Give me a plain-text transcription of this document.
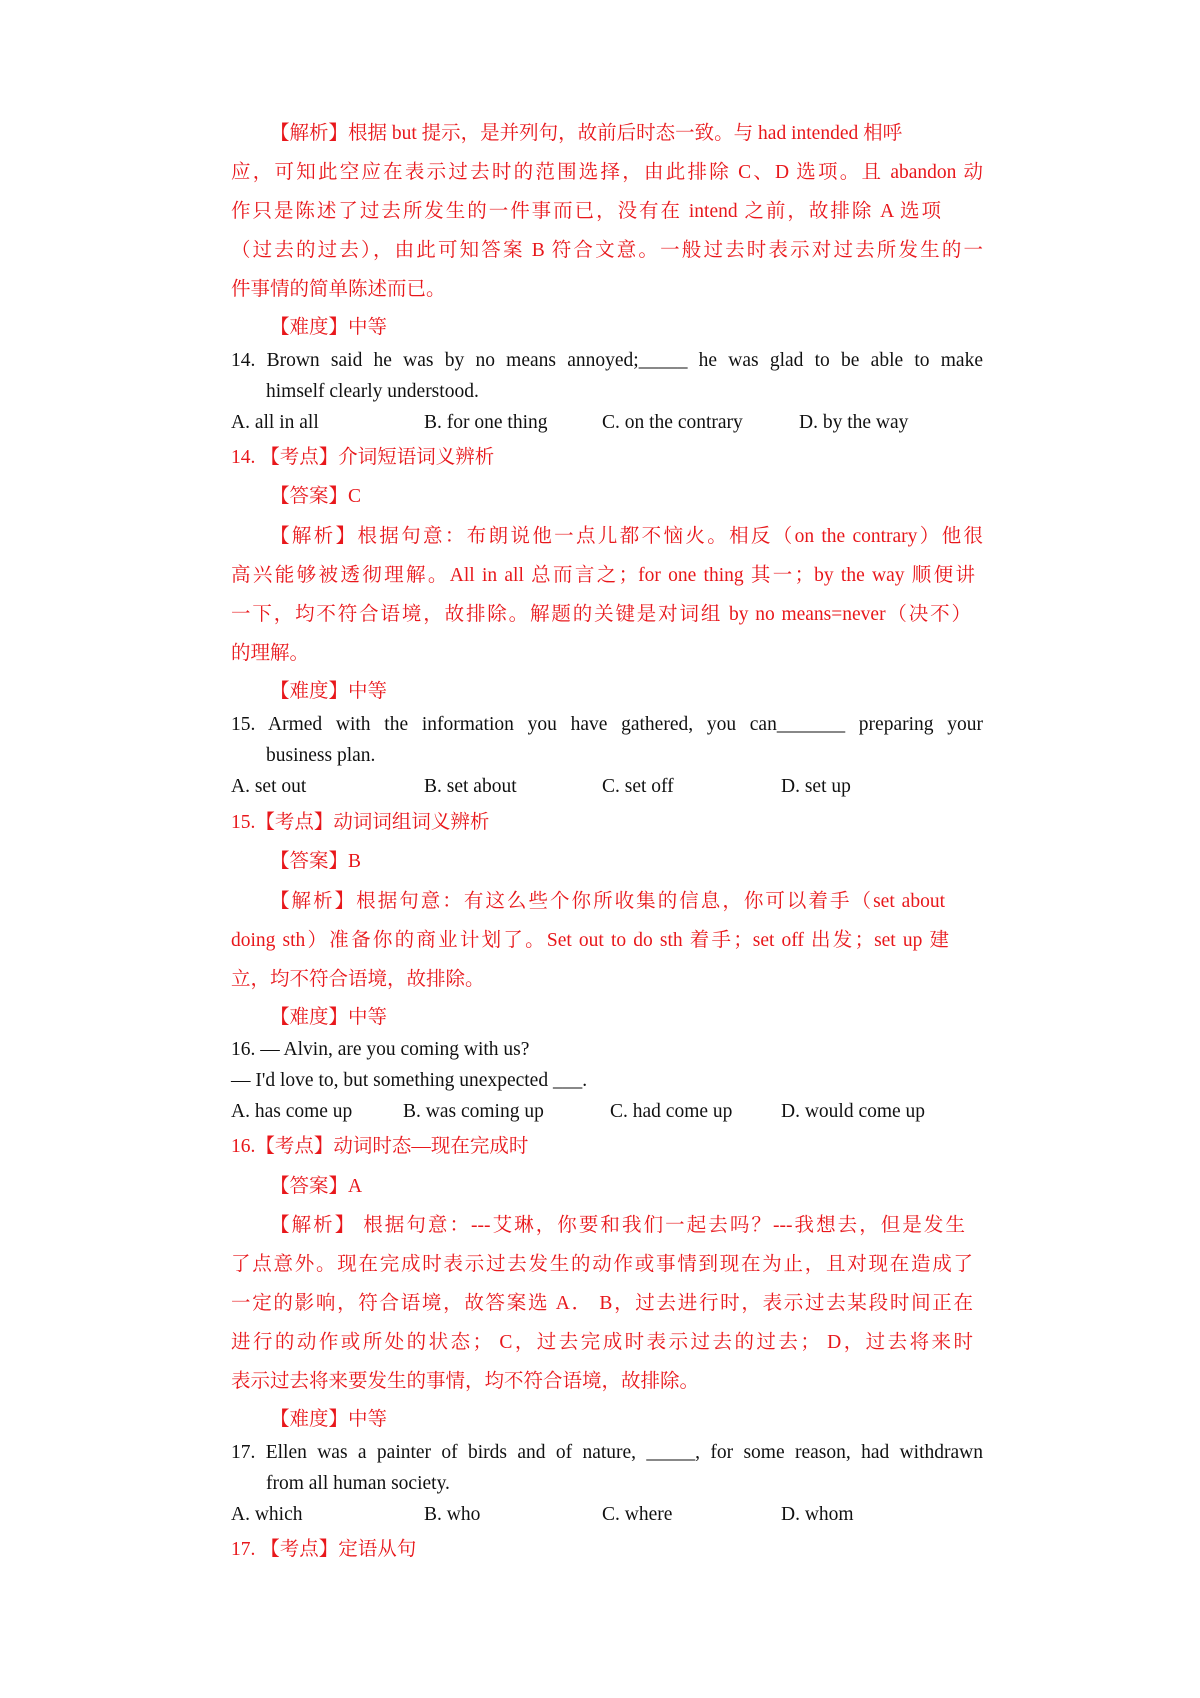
【解析】根据 but 提示，是并列句，故前后时态一致。与 had intended 相呼
应，可知此空应在表示过去时的范围选择，由此排除 C、D 选项。且 abandon 动
作只是陈述了过去所发生的一件事而已，没有在 intend 之前，故排除 A 选项
（过去的过去），由此可知答案 B 符合文意。一般过去时表示对过去所发生的一
件事情的简单陈述而已。
【难度】中等
14. Brown said he was by no means annoyed;_____ he was glad to be able to make
himself clearly understood.
A. all in all	B. for one thing	C. on the contrary	D. by the way
14. 【考点】介词短语词义辨析
【答案】C
【解析】根据句意：布朗说他一点儿都不恼火。相反（on the contrary）他很
高兴能够被透彻理解。All in all 总而言之；for one thing 其一；by the way 顺便讲
一下，均不符合语境，故排除。解题的关键是对词组 by no means=never（决不）
的理解。
【难度】中等
15. Armed with the information you have gathered, you can_______ preparing your
business plan.
A. set out	B. set about	C. set off	D. set up
15.【考点】动词词组词义辨析
【答案】B
【解析】根据句意：有这么些个你所收集的信息，你可以着手（set about
doing sth）准备你的商业计划了。Set out to do sth 着手；set off 出发；set up 建
立，均不符合语境，故排除。
【难度】中等
16. — Alvin, are you coming with us?
— I'd love to, but something unexpected ___.
A. has come up	B. was coming up	C. had come up D. would come up
16.【考点】动词时态—现在完成时
【答案】A
【解析】 根据句意：---艾琳，你要和我们一起去吗？---我想去，但是发生
了点意外。现在完成时表示过去发生的动作或事情到现在为止，且对现在造成了
一定的影响，符合语境，故答案选 A． B，过去进行时，表示过去某段时间正在
进行的动作或所处的状态； C，过去完成时表示过去的过去； D，过去将来时
表示过去将来要发生的事情，均不符合语境，故排除。
【难度】中等
17. Ellen was a painter of birds and of nature, _____, for some reason, had withdrawn
from all human society.
A. which	B. who	C. where	D. whom
17. 【考点】定语从句
